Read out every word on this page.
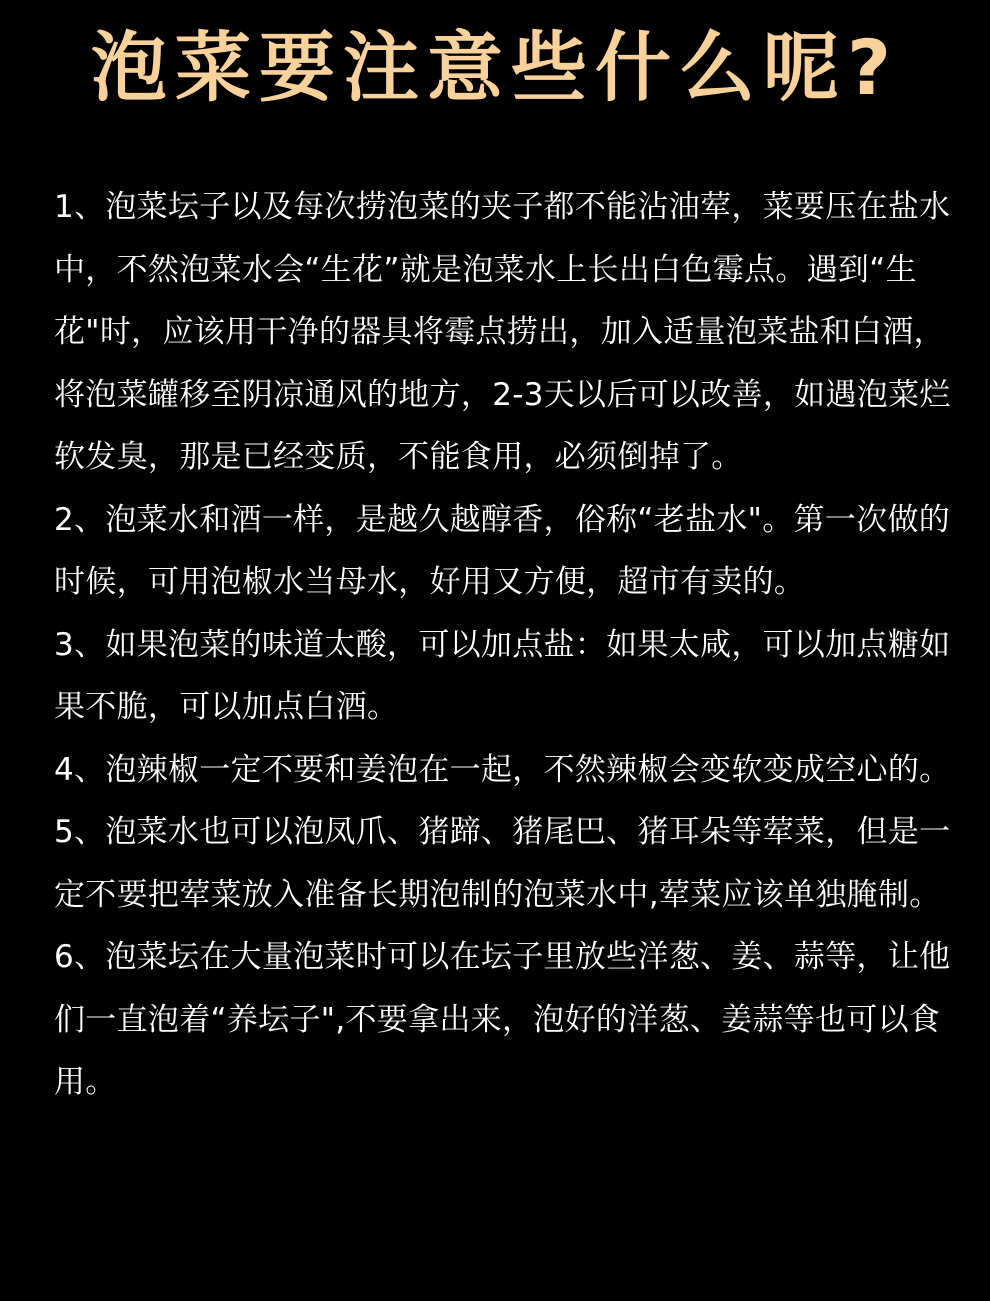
泡菜要注意些什么呢?

1、泡菜坛子以及每次捞泡菜的夹子都不能沾油荤，菜要压在盐水中，不然泡菜水会“生花”就是泡菜水上长出白色霉点。遇到“生花"时，应该用干净的器具将霉点捞出，加入适量泡菜盐和白酒，将泡菜罐移至阴凉通风的地方，2-3天以后可以改善，如遇泡菜烂软发臭，那是已经变质，不能食用，必须倒掉了。

2、泡菜水和酒一样，是越久越醇香，俗称“老盐水"。第一次做的时候，可用泡椒水当母水，好用又方便，超市有卖的。

3、如果泡菜的味道太酸，可以加点盐：如果太咸，可以加点糖如果不脆，可以加点白酒。

4、泡辣椒一定不要和姜泡在一起，不然辣椒会变软变成空心的。

5、泡菜水也可以泡凤爪、猪蹄、猪尾巴、猪耳朵等荤菜，但是一定不要把荤菜放入准备长期泡制的泡菜水中,荤菜应该单独腌制。

6、泡菜坛在大量泡菜时可以在坛子里放些洋葱、姜、蒜等，让他们一直泡着“养坛子",不要拿出来，泡好的洋葱、姜蒜等也可以食用。
